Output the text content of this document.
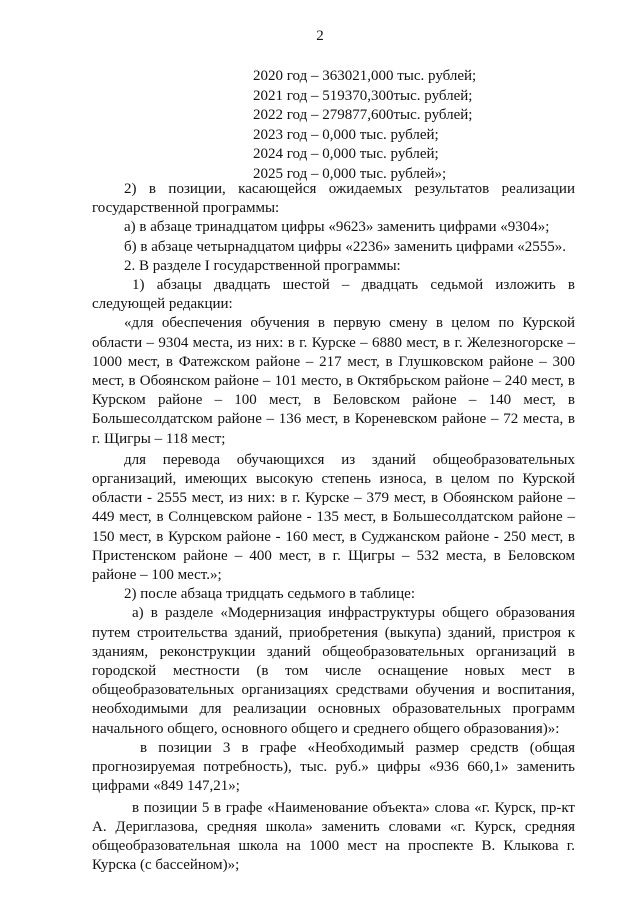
2
2020 год – 363021,000 тыс. рублей;
2021 год – 519370,300тыс. рублей;
2022 год – 279877,600тыс. рублей;
2023 год – 0,000 тыс. рублей;
2024 год – 0,000 тыс. рублей;
2025 год – 0,000 тыс. рублей»;

2) в позиции, касающейся ожидаемых результатов реализации государственной программы:

а) в абзаце тринадцатом цифры «9623» заменить цифрами «9304»;

б) в абзаце четырнадцатом цифры «2236» заменить цифрами «2555».

2. В разделе I государственной программы:

1) абзацы двадцать шестой – двадцать седьмой изложить в следующей редакции:

«для обеспечения обучения в первую смену в целом по Курской области – 9304 места, из них: в г. Курске – 6880 мест, в г. Железногорске – 1000 мест, в Фатежском районе – 217 мест, в Глушковском районе – 300 мест, в Обоянском районе – 101 место, в Октябрьском районе – 240 мест, в Курском районе – 100 мест, в Беловском районе – 140 мест, в Большесолдатском районе – 136 мест, в Кореневском районе – 72 места, в г. Щигры – 118 мест;

для перевода обучающихся из зданий общеобразовательных организаций, имеющих высокую степень износа, в целом по Курской области - 2555 мест, из них: в г. Курске – 379 мест, в Обоянском районе – 449 мест, в Солнцевском районе - 135 мест, в Большесолдатском районе – 150 мест, в Курском районе - 160 мест, в Суджанском районе - 250 мест, в Пристенском районе – 400 мест, в г. Щигры – 532 места, в Беловском районе – 100 мест.»;

2) после абзаца тридцать седьмого в таблице:

а) в разделе «Модернизация инфраструктуры общего образования путем строительства зданий, приобретения (выкупа) зданий, пристроя к зданиям, реконструкции зданий общеобразовательных организаций в городской местности (в том числе оснащение новых мест в общеобразовательных организациях средствами обучения и воспитания, необходимыми для реализации основных образовательных программ начального общего, основного общего и среднего общего образования)»:

в позиции 3 в графе «Необходимый размер средств (общая прогнозируемая потребность), тыс. руб.» цифры «936 660,1» заменить цифрами «849 147,21»;

в позиции 5 в графе «Наименование объекта» слова «г. Курск, пр-кт А. Дериглазова, средняя школа» заменить словами «г. Курск, средняя общеобразовательная школа на 1000 мест на проспекте В. Клыкова г. Курска (с бассейном)»;
